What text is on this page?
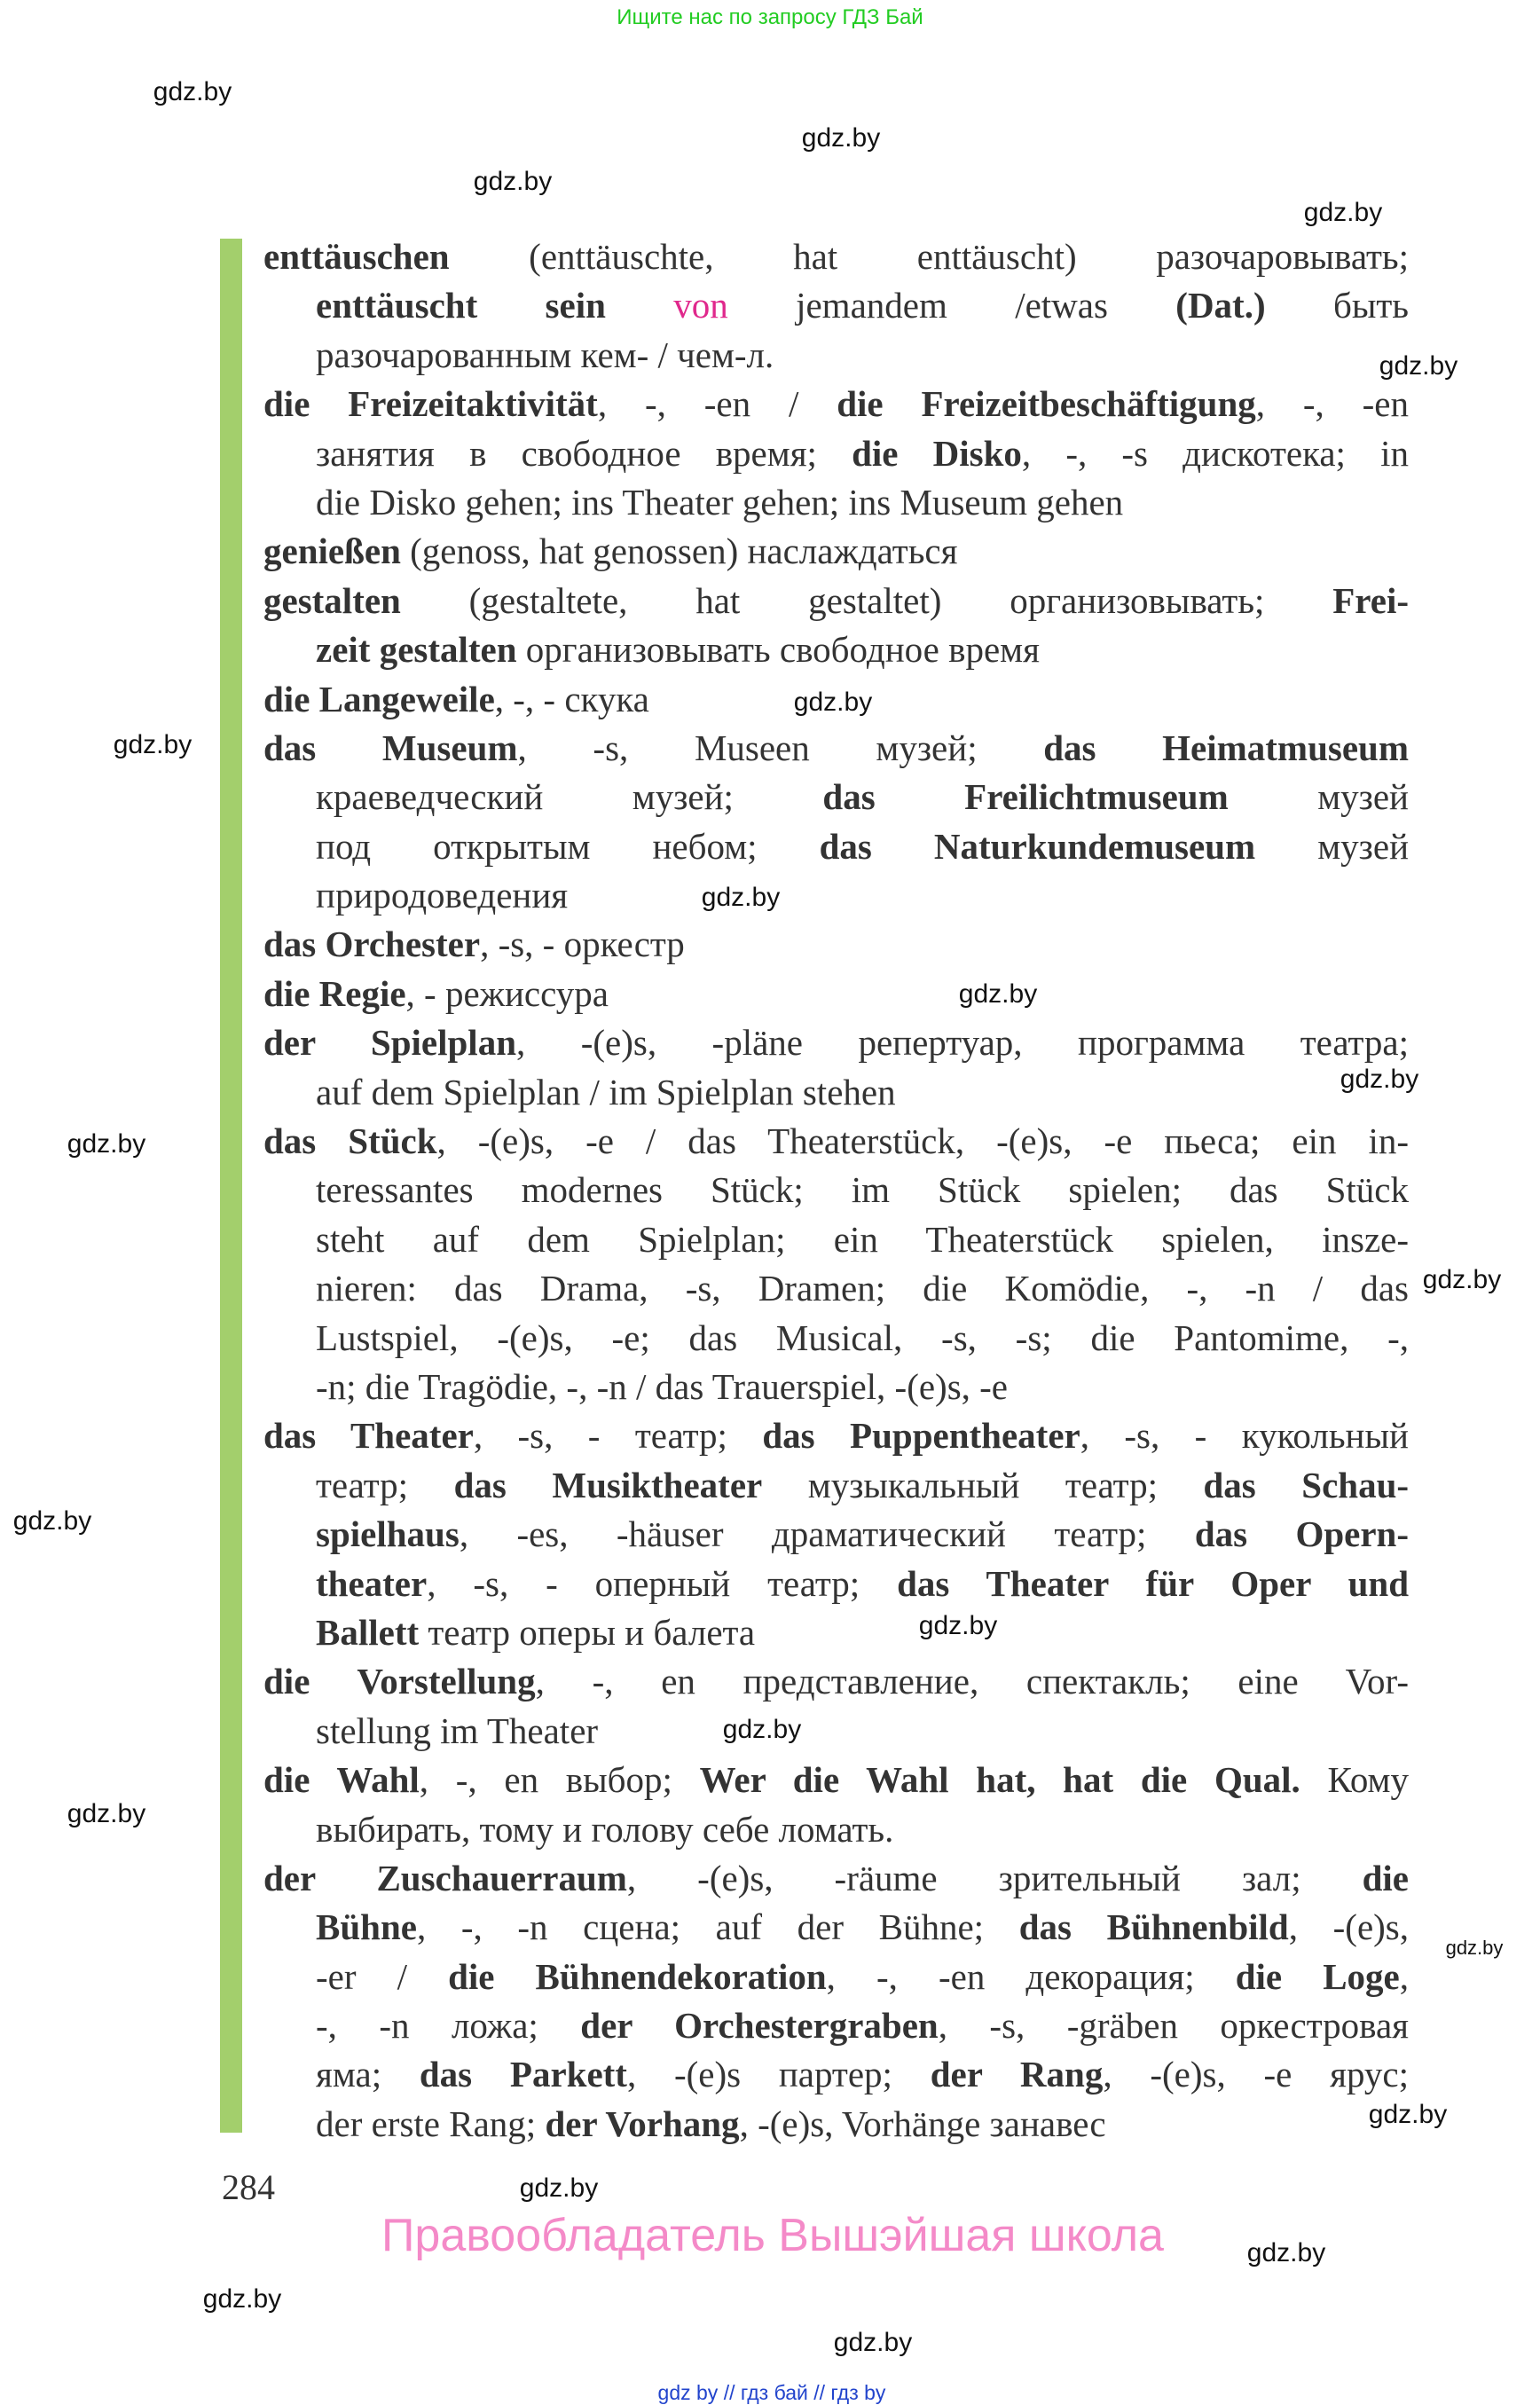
Ищите нас по запросу ГДЗ Бай
enttäuschen (enttäuschte, hat enttäuscht) разочаровывать;
enttäuscht sein von jemandem /etwas (Dat.) быть
разочарованным кем- / чем-л.
die Freizeitaktivität, -, -en / die Freizeitbeschäftigung, -, -en
занятия в свободное время; die Disko, -, -s дискотека; in
die Disko gehen; ins Theater gehen; ins Museum gehen
genießen (genoss, hat genossen) наслаждаться
gestalten (gestaltete, hat gestaltet) организовывать; Frei-
zeit gestalten организовывать свободное время
die Langeweile, -, - скука
das Museum, -s, Museen музей; das Heimatmuseum
краеведческий музей; das Freilichtmuseum музей
под открытым небом; das Naturkundemuseum музей
природоведения
das Orchester, -s, - оркестр
die Regie, - режиссура
der Spielplan, -(e)s, -pläne репертуар, программа театра;
auf dem Spielplan / im Spielplan stehen
das Stück, -(e)s, -e / das Theaterstück, -(e)s, -e пьеса; ein in-
teressantes modernes Stück; im Stück spielen; das Stück
steht auf dem Spielplan; ein Theaterstück spielen, insze-
nieren: das Drama, -s, Dramen; die Komödie, -, -n / das
Lustspiel, -(e)s, -e; das Musical, -s, -s; die Pantomime, -,
-n; die Tragödie, -, -n / das Trauerspiel, -(e)s, -e
das Theater, -s, - театр; das Puppentheater, -s, - кукольный
театр; das Musiktheater музыкальный театр; das Schau-
spielhaus, -es, -häuser драматический театр; das Opern-
theater, -s, - оперный театр; das Theater für Oper und
Ballett театр оперы и балета
die Vorstellung, -, en представление, спектакль; eine Vor-
stellung im Theater
die Wahl, -, en выбор; Wer die Wahl hat, hat die Qual. Кому
выбирать, тому и голову себе ломать.
der Zuschauerraum, -(e)s, -räume зрительный зал; die
Bühne, -, -n сцена; auf der Bühne; das Bühnenbild, -(e)s,
-er / die Bühnendekoration, -, -en декорация; die Loge,
-, -n ложа; der Orchestergraben, -s, -gräben оркестровая
яма; das Parkett, -(e)s партер; der Rang, -(e)s, -e ярус;
der erste Rang; der Vorhang, -(e)s, Vorhänge занавес
284
Правообладатель Вышэйшая школа
gdz by // гдз бай // гдз by
gdz.by
gdz.by
gdz.by
gdz.by
gdz.by
gdz.by
gdz.by
gdz.by
gdz.by
gdz.by
gdz.by
gdz.by
gdz.by
gdz.by
gdz.by
gdz.by
gdz.by
gdz.by
gdz.by
gdz.by
gdz.by
gdz.by
